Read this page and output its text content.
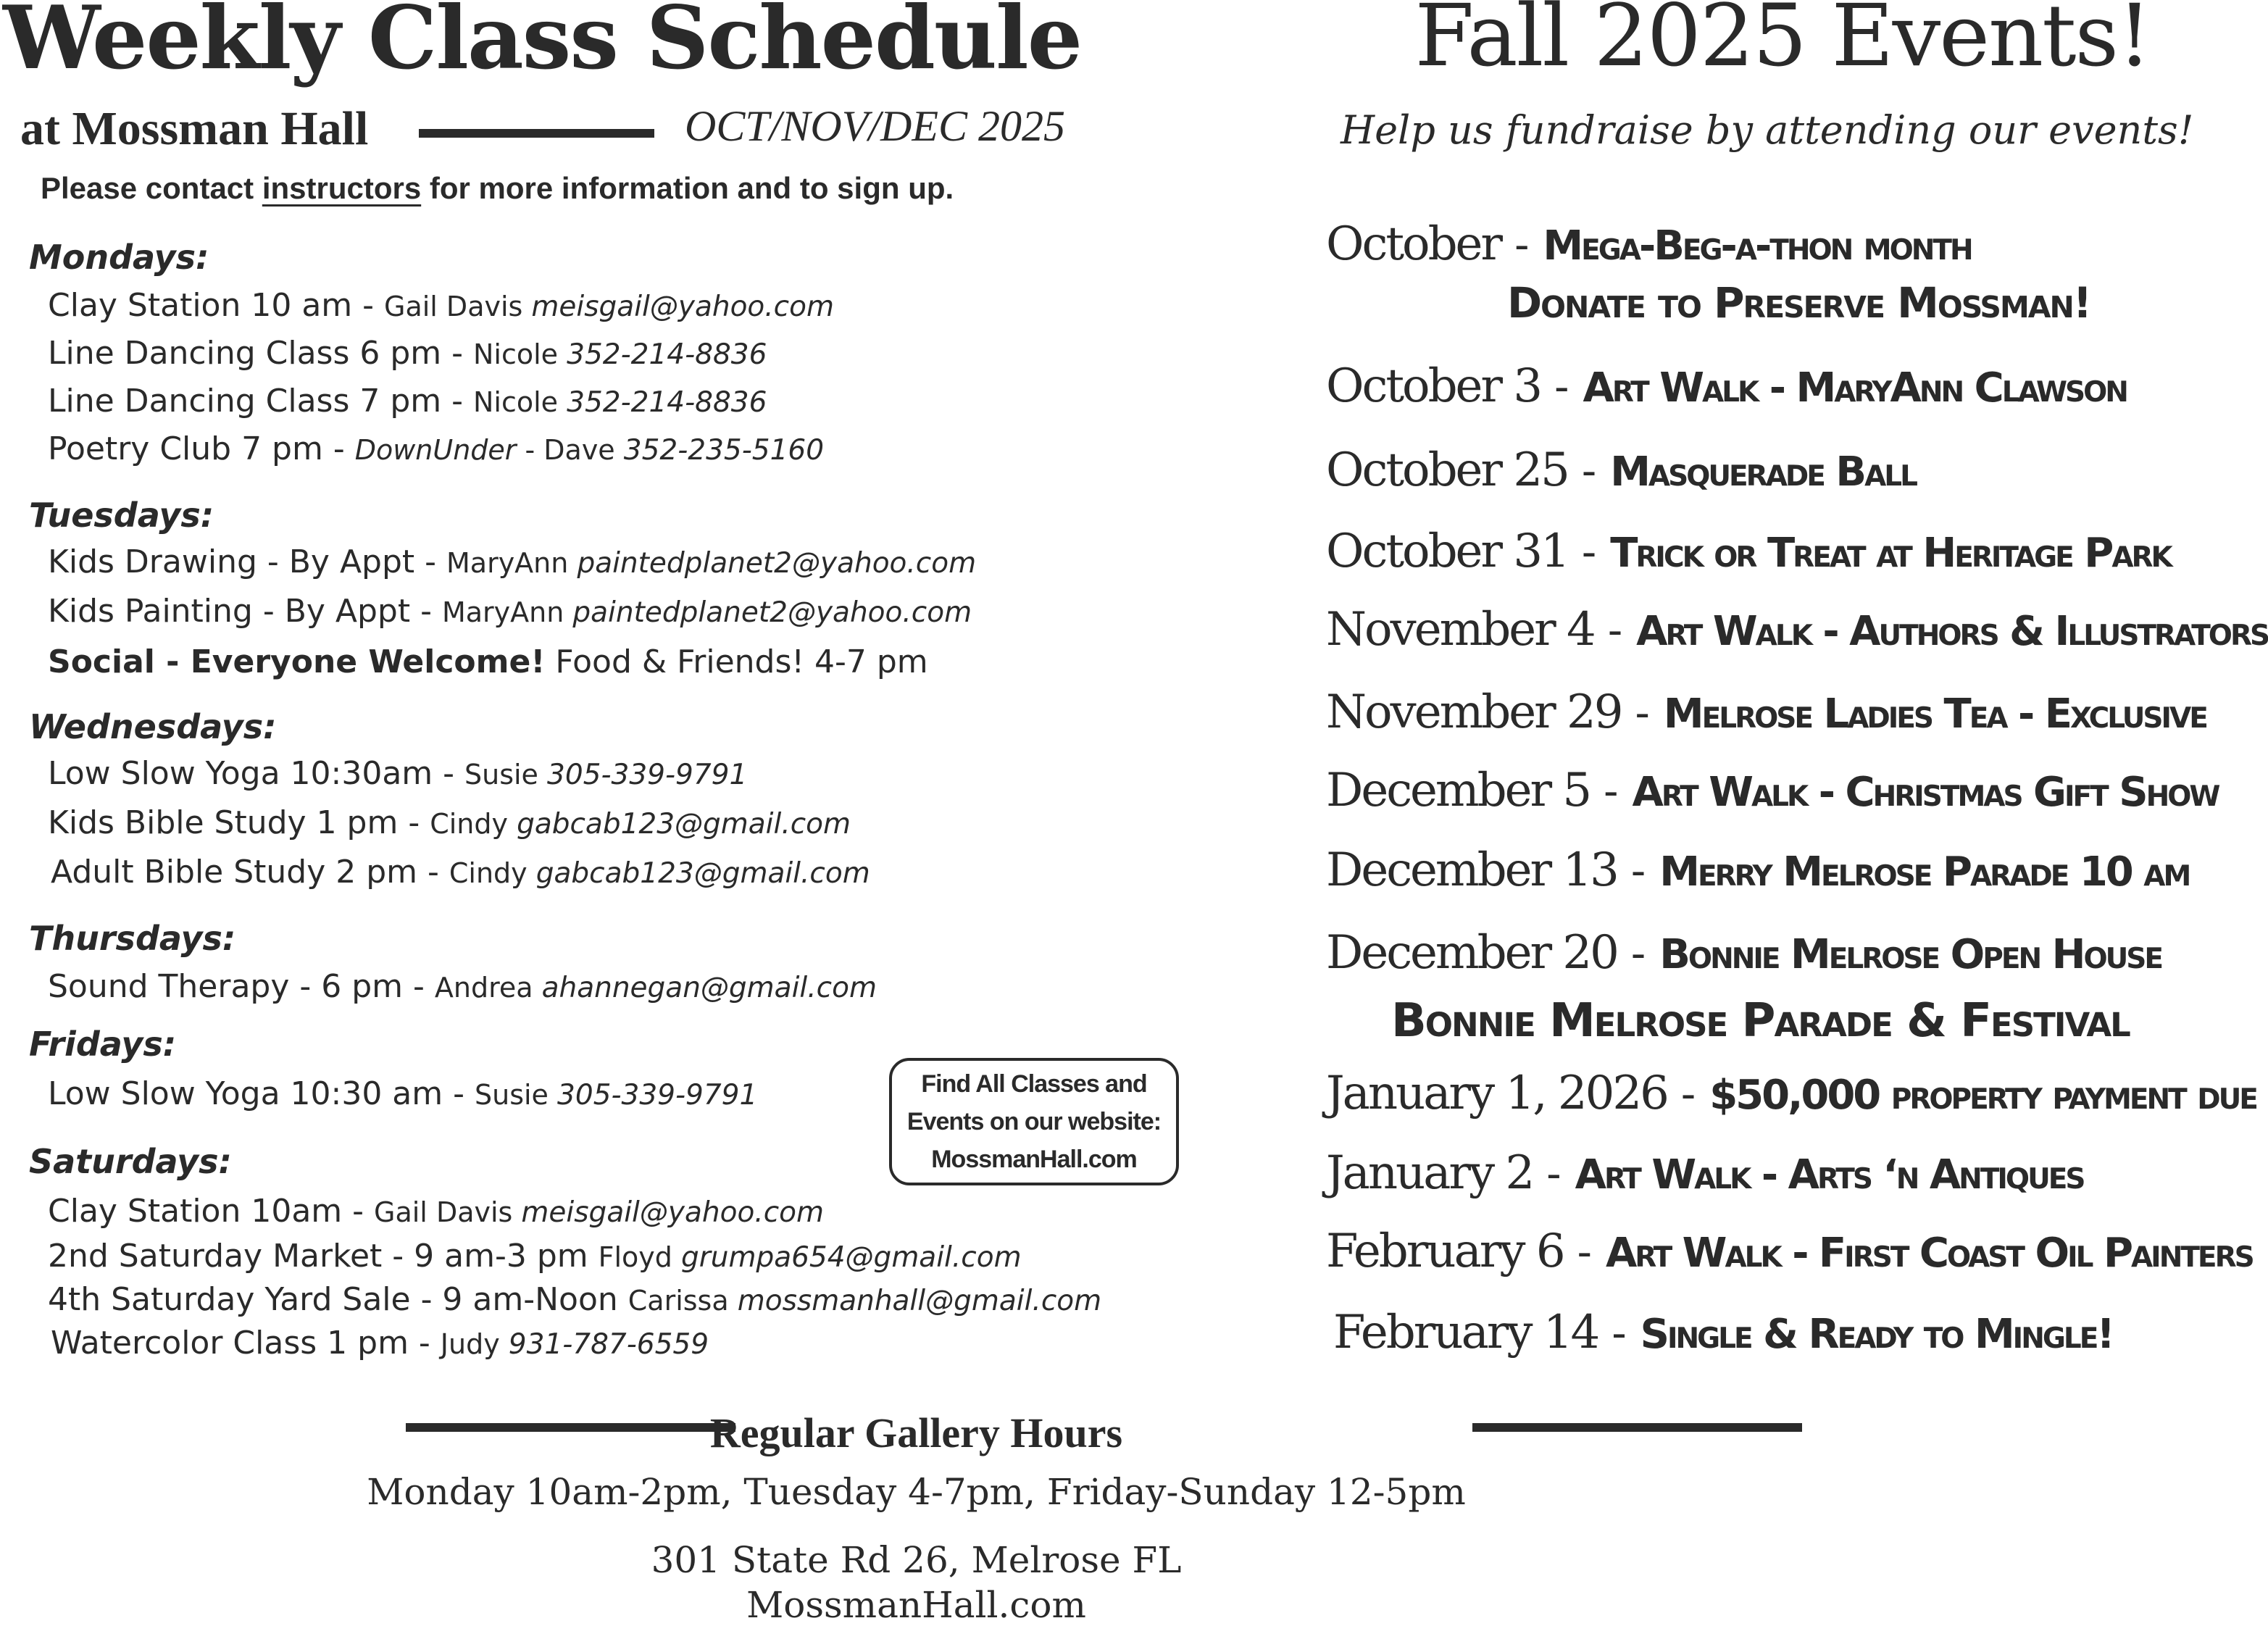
Weekly Class Schedule
at Mossman Hall	OCT/NOV/DEC 2025
Please contact instructors for more information and to sign up.
Mondays:
Clay Station 10 am - Gail Davis meisgail@yahoo.com
Line Dancing Class 6 pm - Nicole 352-214-8836
Line Dancing Class 7 pm - Nicole 352-214-8836
Poetry Club 7 pm - DownUnder - Dave 352-235-5160
Tuesdays:
Kids Drawing - By Appt - MaryAnn paintedplanet2@yahoo.com
Kids Painting - By Appt - MaryAnn paintedplanet2@yahoo.com
Social - Everyone Welcome! Food & Friends! 4-7 pm
Wednesdays:
Low Slow Yoga 10:30am - Susie 305-339-9791
Kids Bible Study 1 pm - Cindy gabcab123@gmail.com
Adult Bible Study 2 pm - Cindy gabcab123@gmail.com
Thursdays:
Sound Therapy - 6 pm - Andrea ahannegan@gmail.com
Fridays:
Low Slow Yoga 10:30 am - Susie 305-339-9791
Saturdays:
Clay Station 10am - Gail Davis meisgail@yahoo.com
2nd Saturday Market - 9 am-3 pm Floyd grumpa654@gmail.com
4th Saturday Yard Sale - 9 am-Noon Carissa mossmanhall@gmail.com
Watercolor Class 1 pm - Judy 931-787-6559
Find All Classes and
Events on our website:
MossmanHall.com
Fall 2025 Events!
Help us fundraise by attending our events!
October - Mega-Beg-a-thon month
Donate to Preserve Mossman!
October 3 - Art Walk - MaryAnn Clawson
October 25 - Masquerade Ball
October 31 - Trick or Treat at Heritage Park
November 4 - Art Walk - Authors & Illustrators
November 29 - Melrose Ladies Tea - Exclusive
December 5 - Art Walk - Christmas Gift Show
December 13 - Merry Melrose Parade 10 am
December 20 - Bonnie Melrose Open House
Bonnie Melrose Parade & Festival
January 1, 2026 - $50,000 property payment due
January 2 - Art Walk - Arts ‘n Antiques
February 6 - Art Walk - First Coast Oil Painters
February 14 - Single & Ready to Mingle!
Regular Gallery Hours
Monday 10am-2pm, Tuesday 4-7pm, Friday-Sunday 12-5pm
301 State Rd 26, Melrose FL
MossmanHall.com
